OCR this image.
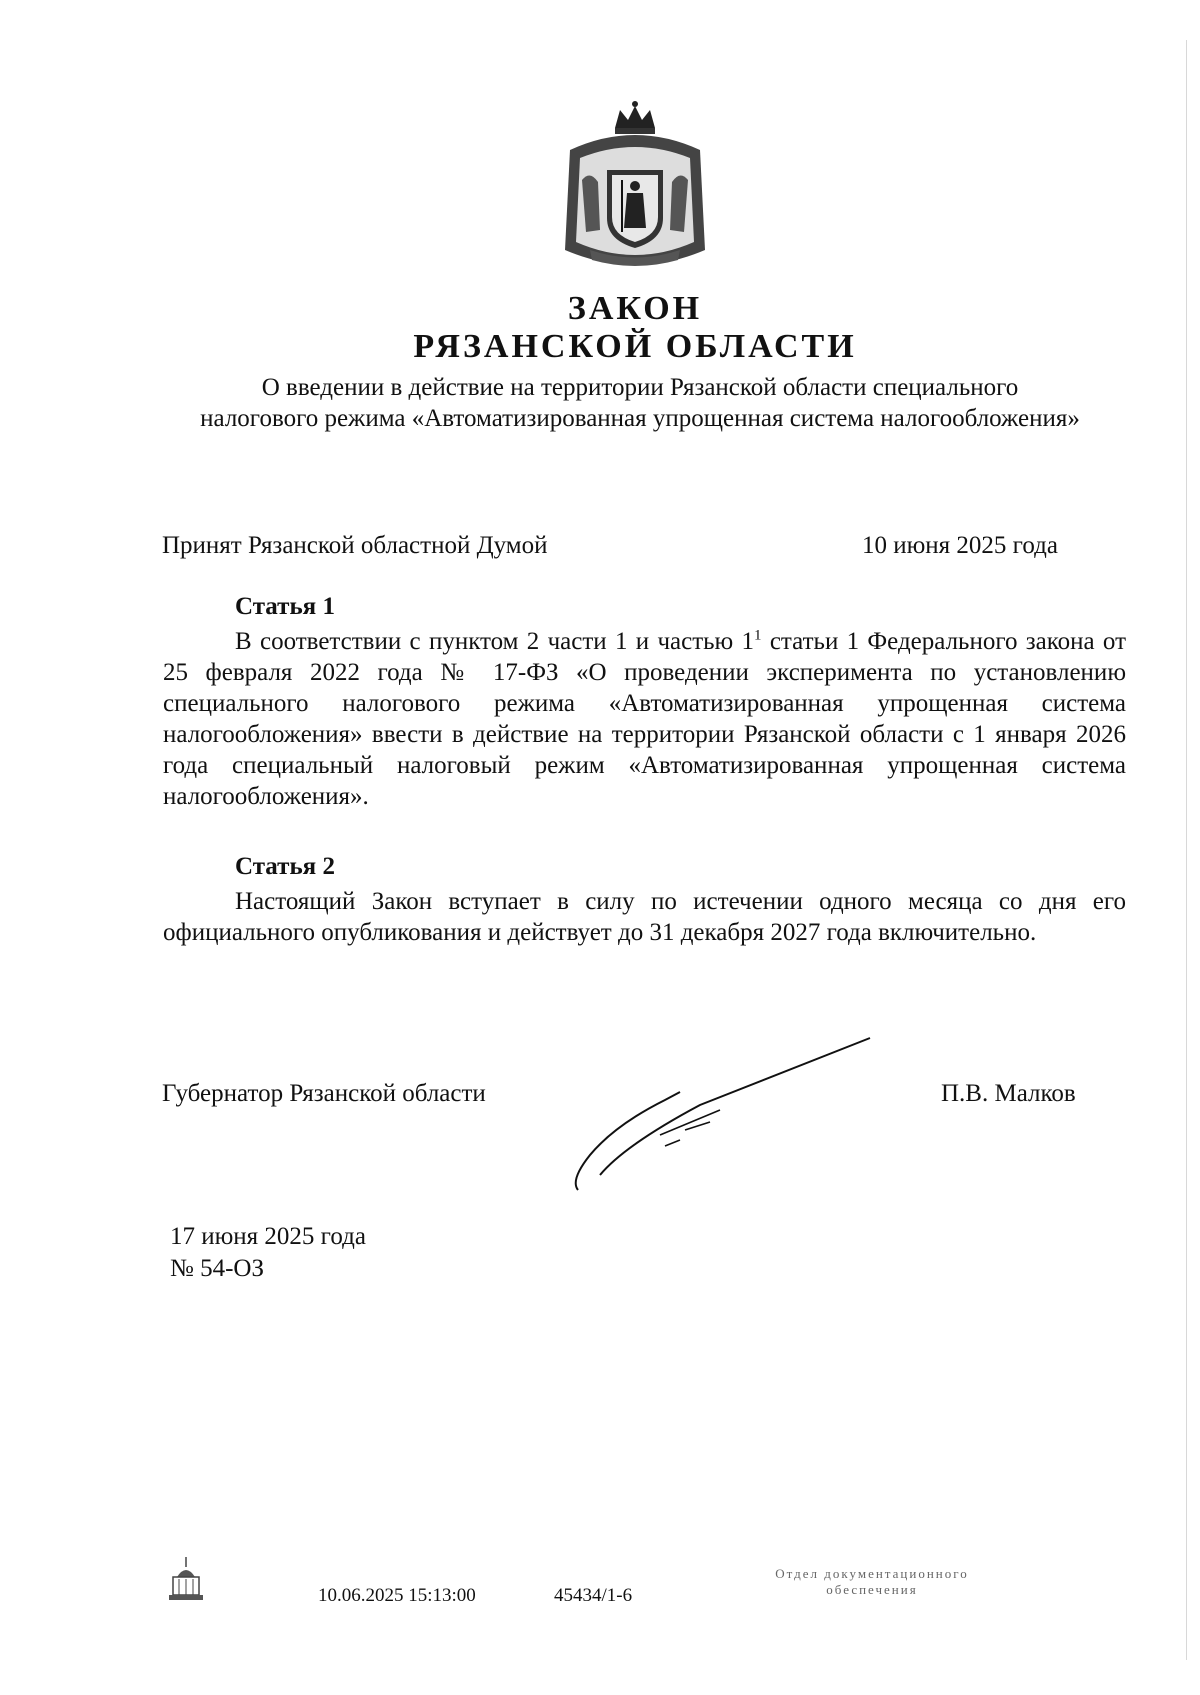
ЗАКОН
РЯЗАНСКОЙ ОБЛАСТИ
О введении в действие на территории Рязанской области специального налогового режима «Автоматизированная упрощенная система налогообложения»
Принят Рязанской областной Думой	10 июня 2025 года
Статья 1
В соответствии с пунктом 2 части 1 и частью $1^1$ статьи 1 Федерального закона от 25 февраля 2022 года № 17-ФЗ «О проведении эксперимента по установлению специального налогового режима «Автоматизированная упрощенная система налогообложения» ввести в действие на территории Рязанской области с 1 января 2026 года специальный налоговый режим «Автоматизированная упрощенная система налогообложения».
Статья 2
Настоящий Закон вступает в силу по истечении одного месяца со дня его официального опубликования и действует до 31 декабря 2027 года включительно.
Губернатор Рязанской области	П.В. Малков
17 июня 2025 года
№ 54-ОЗ
10.06.2025 15:13:00	45434/1-6
Отдел документационного
обеспечения
